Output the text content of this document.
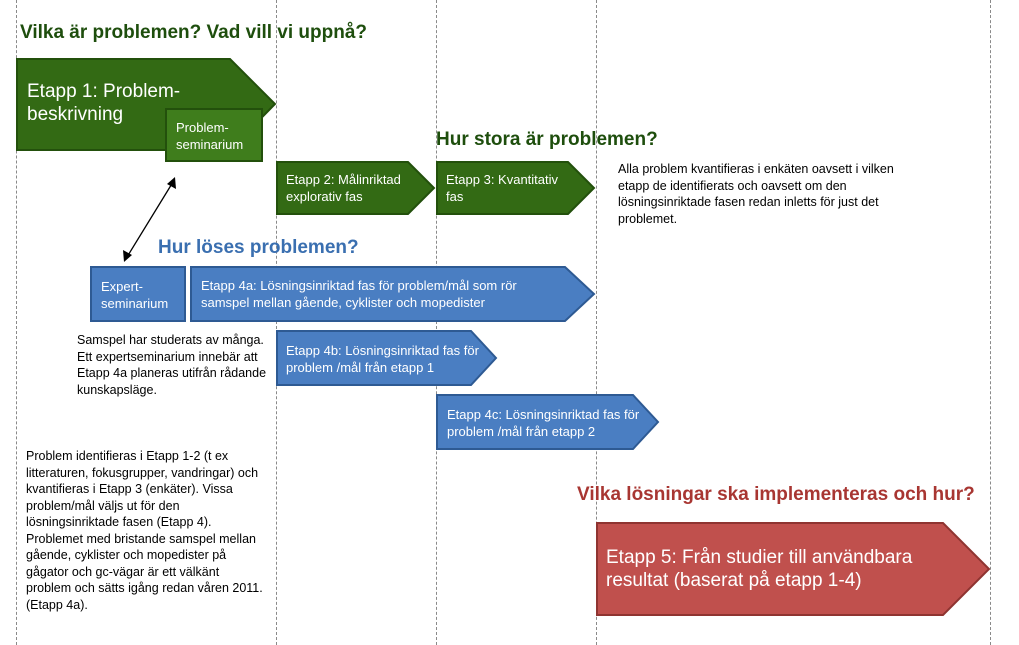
Vilka är problemen? Vad vill vi uppnå?
Hur stora är problemen?
Hur löses problemen?
Vilka lösningar ska implementeras och hur?
Etapp 1: Problem-beskrivning
Problem-seminarium
Etapp 2: Målinriktad explorativ fas
Etapp 3: Kvantitativ fas
Alla problem kvantifieras i enkäten oavsett i vilken etapp de identifierats och oavsett om den lösningsinriktade fasen redan inletts för just det problemet.
Expert-seminarium
Etapp 4a: Lösningsinriktad fas för problem/mål som rör samspel mellan gående, cyklister och mopedister
Samspel har studerats av många. Ett expertseminarium innebär att Etapp 4a planeras utifrån rådande kunskapsläge.
Etapp 4b: Lösningsinriktad fas för problem /mål från etapp 1
Etapp 4c: Lösningsinriktad fas för problem /mål från etapp 2
Problem identifieras i Etapp 1-2 (t ex litteraturen, fokusgrupper, vandringar) och kvantifieras i Etapp 3 (enkäter). Vissa problem/mål väljs ut för den lösningsinriktade fasen (Etapp 4). Problemet med bristande samspel mellan gående, cyklister och mopedister på gågator och gc-vägar är ett välkänt problem och sätts igång redan våren 2011. (Etapp 4a).
Etapp 5: Från studier till användbara resultat (baserat på etapp 1-4)
